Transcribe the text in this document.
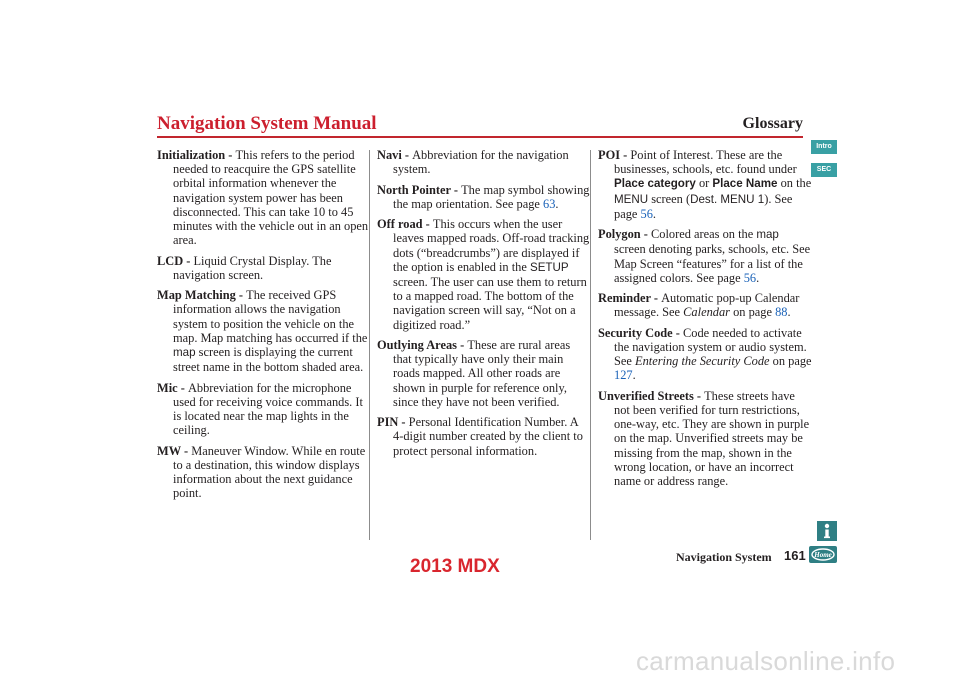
Navigation System Manual	Glossary
Intro
SEC

Initialization - This refers to the period needed to reacquire the GPS satellite orbital information whenever the navigation system power has been disconnected. This can take 10 to 45 minutes with the vehicle out in an open area.

LCD - Liquid Crystal Display. The navigation screen.

Map Matching - The received GPS information allows the navigation system to position the vehicle on the map. Map matching has occurred if the map screen is displaying the current street name in the bottom shaded area.

Mic - Abbreviation for the microphone used for receiving voice commands. It is located near the map lights in the ceiling.

MW - Maneuver Window. While en route to a destination, this window displays information about the next guidance point.

Navi - Abbreviation for the navigation system.

North Pointer - The map symbol showing the map orientation. See page 63.

Off road - This occurs when the user leaves mapped roads. Off-road tracking dots (“breadcrumbs”) are displayed if the option is enabled in the SETUP screen. The user can use them to return to a mapped road. The bottom of the navigation screen will say, “Not on a digitized road.”

Outlying Areas - These are rural areas that typically have only their main roads mapped. All other roads are shown in purple for reference only, since they have not been verified.

PIN - Personal Identification Number. A 4-digit number created by the client to protect personal information.

POI - Point of Interest. These are the businesses, schools, etc. found under Place category or Place Name on the MENU screen (Dest. MENU 1). See page 56.

Polygon - Colored areas on the map screen denoting parks, schools, etc. See Map Screen “features” for a list of the assigned colors. See page 56.

Reminder - Automatic pop-up Calendar message. See Calendar on page 88.

Security Code - Code needed to activate the navigation system or audio system. See Entering the Security Code on page 127.

Unverified Streets - These streets have not been verified for turn restrictions, one-way, etc. They are shown in purple on the map. Unverified streets may be missing from the map, shown in the wrong location, or have an incorrect name or address range.

Home
Navigation System 161
2013 MDX
carmanualsonline.info
